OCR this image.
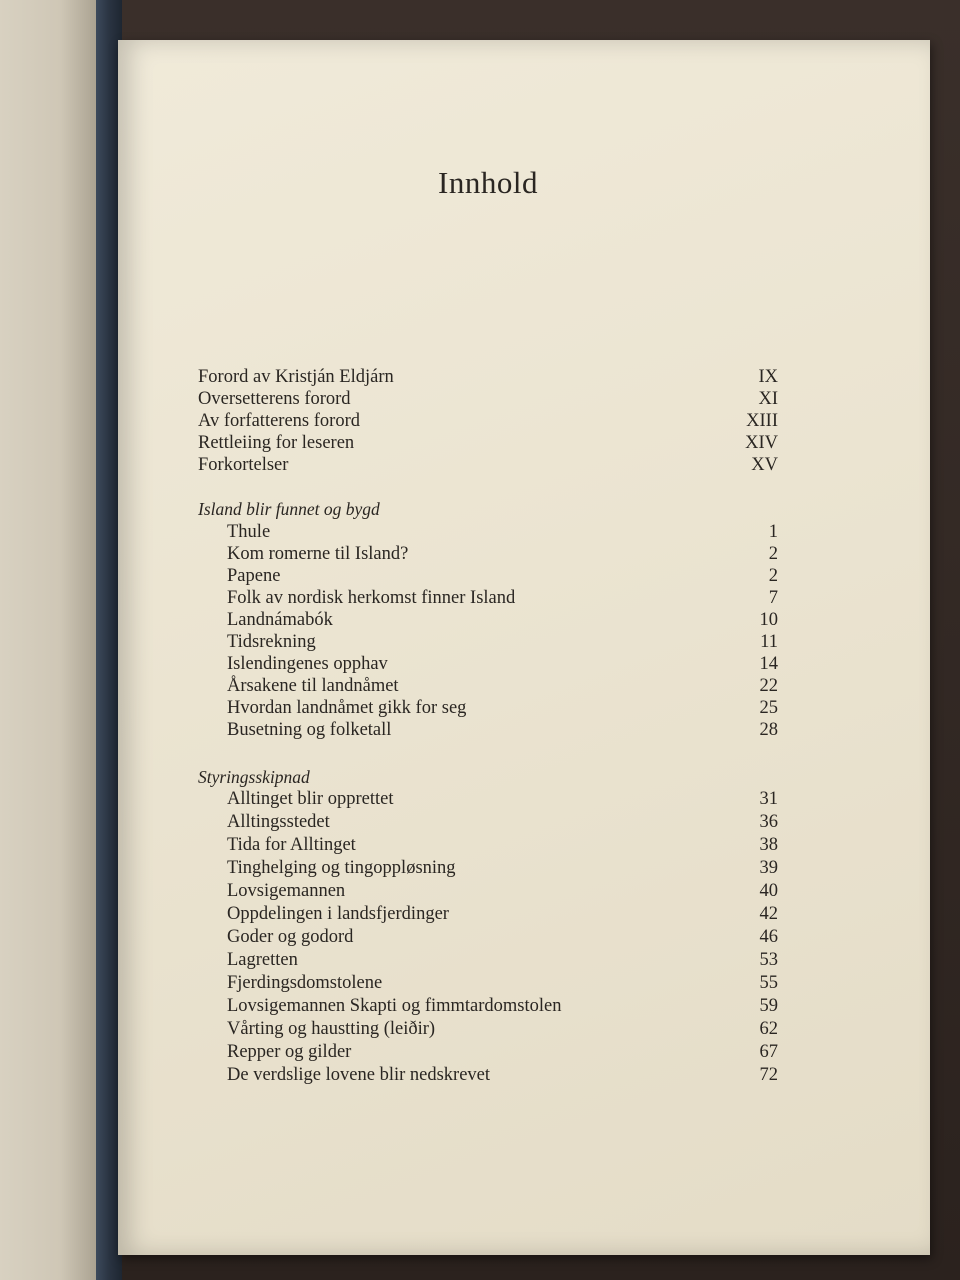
Innhold
Forord av Kristján Eldjárn	IX
Oversetterens forord	XI
Av forfatterens forord	XIII
Rettleiing for leseren	XIV
Forkortelser	XV
Island blir funnet og bygd
Thule	1
Kom romerne til Island?	2
Papene	2
Folk av nordisk herkomst finner Island	7
Landnámabók	10
Tidsrekning	11
Islendingenes opphav	14
Årsakene til landnåmet	22
Hvordan landnåmet gikk for seg	25
Busetning og folketall	28
Styringsskipnad
Alltinget blir opprettet	31
Alltingsstedet	36
Tida for Alltinget	38
Tinghelging og tingoppløsning	39
Lovsigemannen	40
Oppdelingen i landsfjerdinger	42
Goder og godord	46
Lagretten	53
Fjerdingsdomstolene	55
Lovsigemannen Skapti og fimmtardomstolen	59
Vårting og haustting (leiðir)	62
Repper og gilder	67
De verdslige lovene blir nedskrevet	72
